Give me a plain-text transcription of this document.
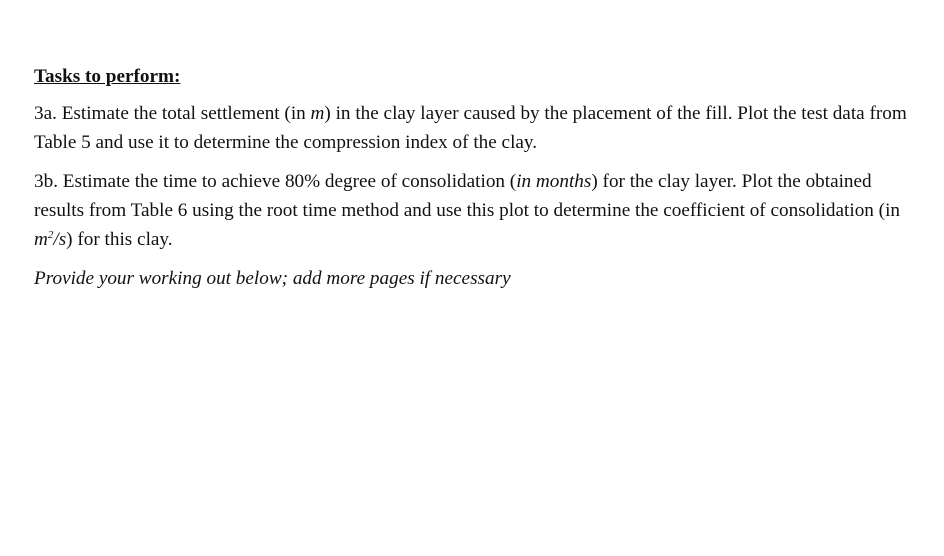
Tasks to perform:

3a. Estimate the total settlement (in m) in the clay layer caused by the placement of the fill. Plot the test data from Table 5 and use it to determine the compression index of the clay.

3b. Estimate the time to achieve 80% degree of consolidation (in months) for the clay layer. Plot the obtained results from Table 6 using the root time method and use this plot to determine the coefficient of consolidation (in $m^2/s$) for this clay.

Provide your working out below; add more pages if necessary
